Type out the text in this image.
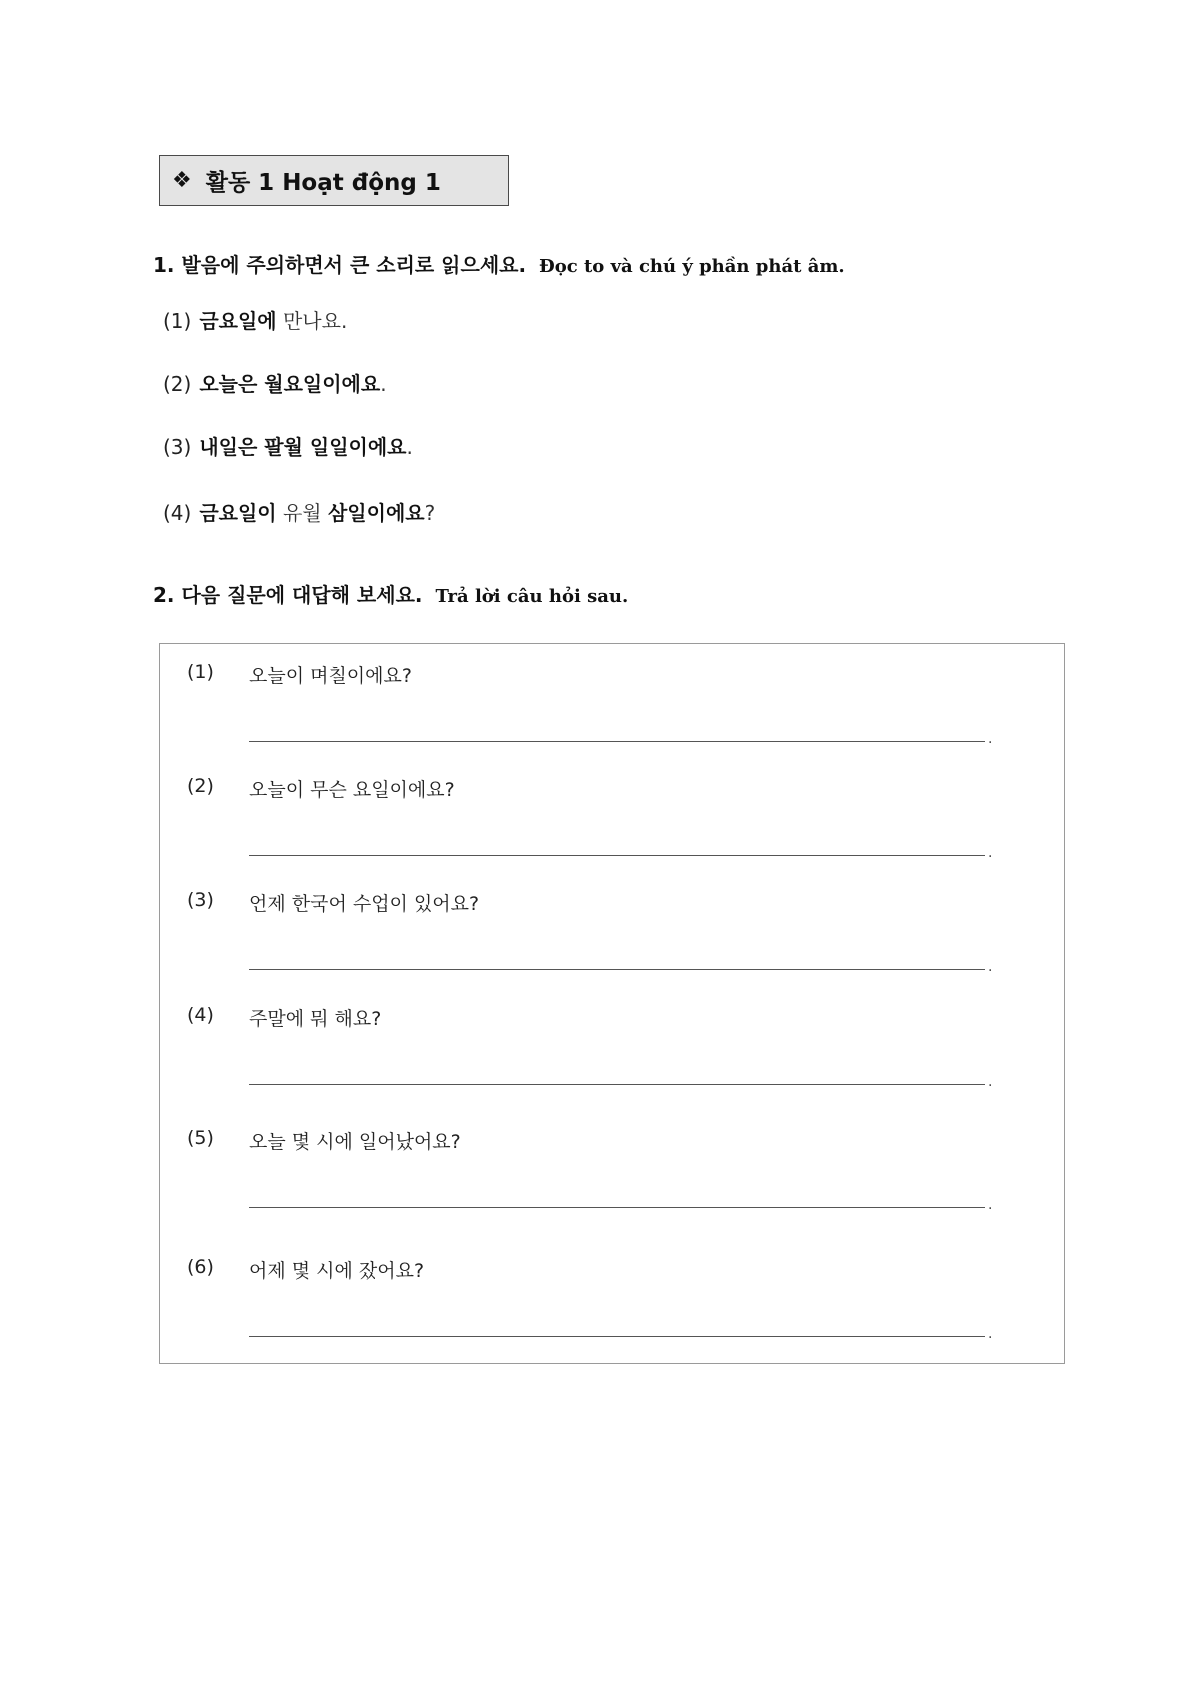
❖ 활동 1 Hoạt động 1
1. 발음에 주의하면서 큰 소리로 읽으세요. Đọc to và chú ý phần phát âm.
(1) 금요일에 만나요.
(2) 오늘은 월요일이에요.
(3) 내일은 팔월 일일이에요.
(4) 금요일이 유월 삼일이에요?
2. 다음 질문에 대답해 보세요. Trả lời câu hỏi sau.
(1) 오늘이 며칠이에요?
.
(2) 오늘이 무슨 요일이에요?
.
(3) 언제 한국어 수업이 있어요?
.
(4) 주말에 뭐 해요?
.
(5) 오늘 몇 시에 일어났어요?
.
(6) 어제 몇 시에 잤어요?
.
